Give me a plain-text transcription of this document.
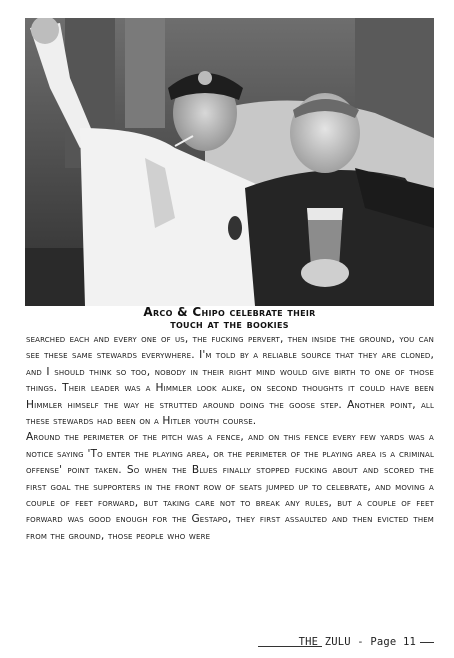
Arco & Chipo celebrate their
touch at the bookies

searched each and every one of us, the fucking pervert, then inside the ground, you can see these same stewards everywhere. I'm told by a reliable source that they are cloned, and I should think so too, nobody in their right mind would give birth to one of those things. Their leader was a Himmler look alike, on second thoughts it could have been Himmler himself the way he strutted around doing the goose step. Another point, all these stewards had been on a Hitler youth course.

Around the perimeter of the pitch was a fence, and on this fence every few yards was a notice saying 'To enter the playing area, or the perimeter of the playing area is a criminal offense' point taken. So when the Blues finally stopped fucking about and scored the first goal the supporters in the front row of seats jumped up to celebrate, and moving a couple of feet forward, but taking care not to break any rules, but a couple of feet forward was good enough for the Gestapo, they first assaulted and then evicted them from the ground, those people who were

THE ZULU - Page 11
